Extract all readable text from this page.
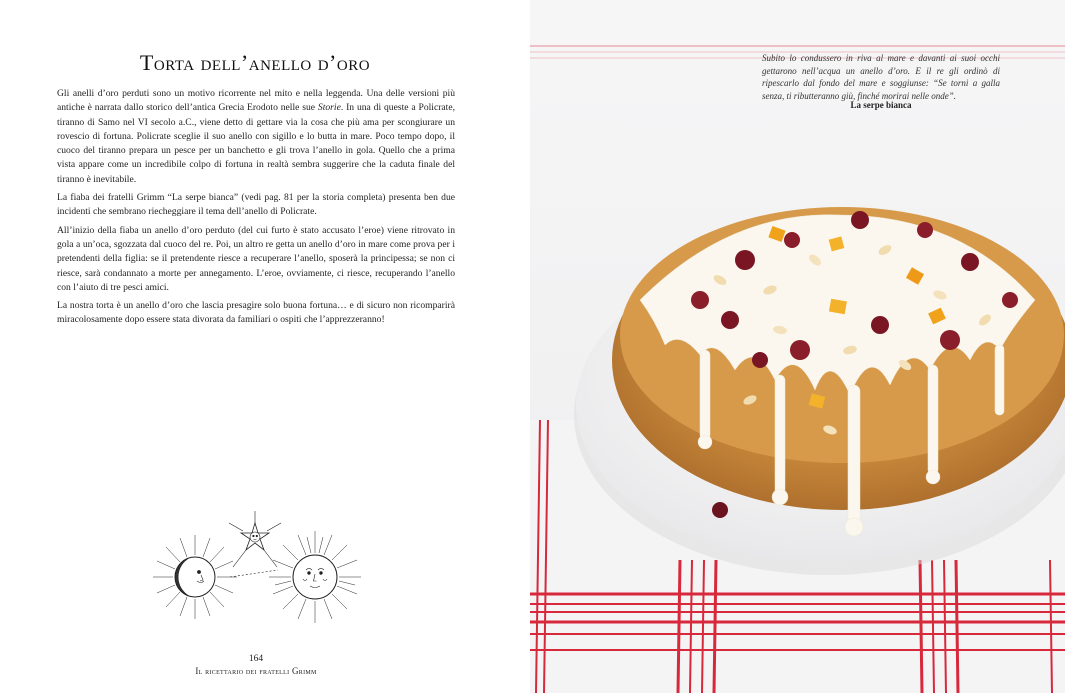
Torta dell’anello d’oro

Gli anelli d’oro perduti sono un motivo ricorrente nel mito e nella leggenda. Una delle versioni più antiche è narrata dallo storico dell’antica Grecia Erodoto nelle sue Storie. In una di queste a Policrate, tiranno di Samo nel VI secolo a.C., viene detto di gettare via la cosa che più ama per scongiurare un rovescio di fortuna. Policrate sceglie il suo anello con sigillo e lo butta in mare. Poco tempo dopo, il cuoco del tiranno prepara un pesce per un banchetto e gli trova l’anello in gola. Quello che a prima vista appare come un incredibile colpo di fortuna in realtà sembra suggerire che la caduta finale del tiranno è inevitabile.

La fiaba dei fratelli Grimm “La serpe bianca” (vedi pag. 81 per la storia completa) presenta ben due incidenti che sembrano riecheggiare il tema dell’anello di Policrate.

All’inizio della fiaba un anello d’oro perduto (del cui furto è stato accusato l’eroe) viene ritrovato in gola a un’oca, sgozzata dal cuoco del re. Poi, un altro re getta un anello d’oro in mare come prova per i pretendenti della figlia: se il pretendente riesce a recuperare l’anello, sposerà la principessa; se non ci riesce, sarà condannato a morte per annegamento. L’eroe, ovviamente, ci riesce, recuperando l’anello con l’aiuto di tre pesci amici.

La nostra torta è un anello d’oro che lascia presagire solo buona fortuna… e di sicuro non ricomparirà miracolosamente dopo essere stata divorata da familiari o ospiti che l’apprezzeranno!

164
Il ricettario dei fratelli Grimm
Subito lo condussero in riva al mare e davanti ai suoi occhi gettarono nell’acqua un anello d’oro. E il re gli ordinò di ripescarlo dal fondo del mare e soggiunse: “Se torni a galla senza, ti ributteranno giù, finché morirai nelle onde”.
La serpe bianca
